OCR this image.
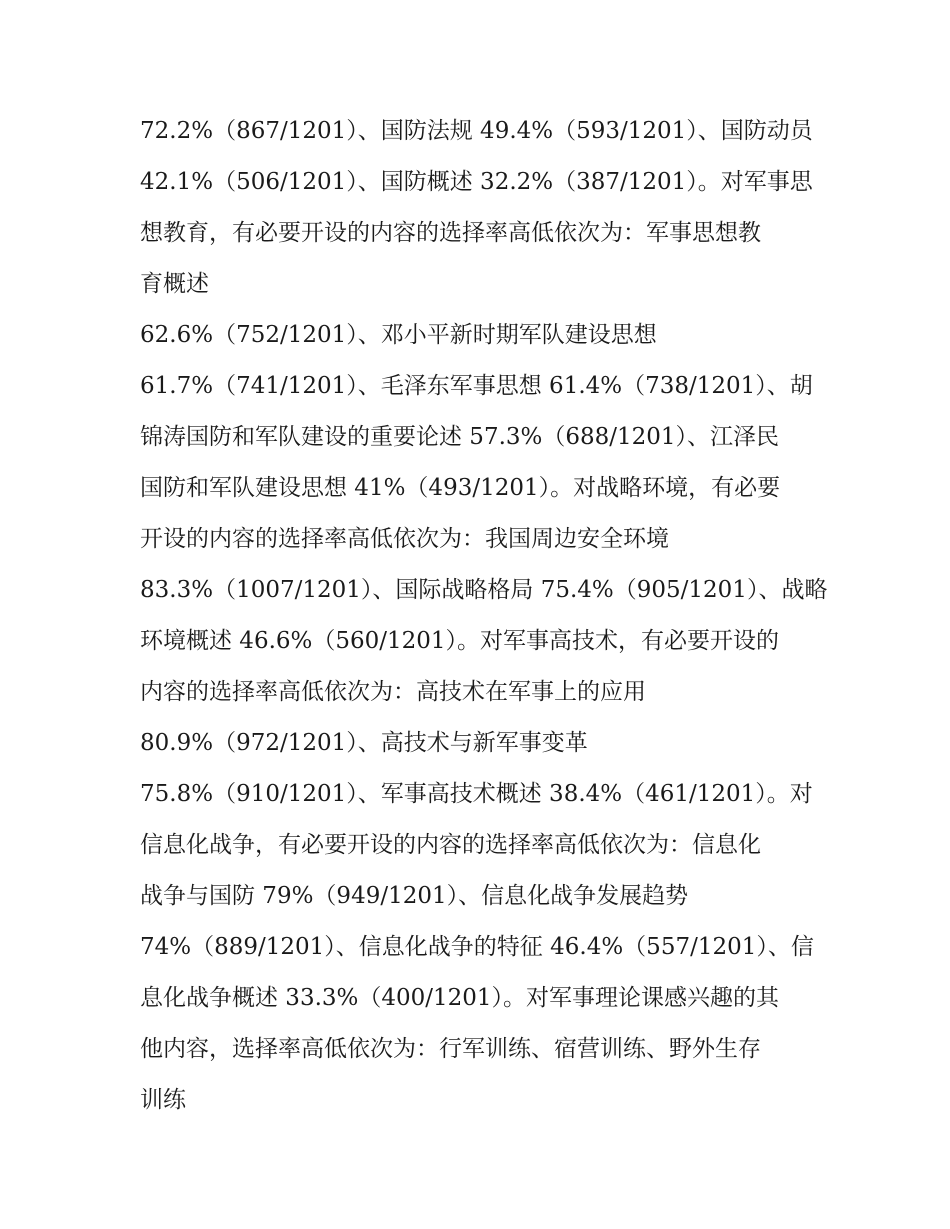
72.2%（867/1201）、国防法规 49.4%（593/1201）、国防动员
42.1%（506/1201）、国防概述 32.2%（387/1201）。对军事思
想教育，有必要开设的内容的选择率高低依次为：军事思想教
育概述
62.6%（752/1201）、邓小平新时期军队建设思想
61.7%（741/1201）、毛泽东军事思想 61.4%（738/1201）、胡
锦涛国防和军队建设的重要论述 57.3%（688/1201）、江泽民
国防和军队建设思想 41%（493/1201）。对战略环境，有必要
开设的内容的选择率高低依次为：我国周边安全环境
83.3%（1007/1201）、国际战略格局 75.4%（905/1201）、战略
环境概述 46.6%（560/1201）。对军事高技术，有必要开设的
内容的选择率高低依次为：高技术在军事上的应用
80.9%（972/1201）、高技术与新军事变革
75.8%（910/1201）、军事高技术概述 38.4%（461/1201）。对
信息化战争，有必要开设的内容的选择率高低依次为：信息化
战争与国防 79%（949/1201）、信息化战争发展趋势
74%（889/1201）、信息化战争的特征 46.4%（557/1201）、信
息化战争概述 33.3%（400/1201）。对军事理论课感兴趣的其
他内容，选择率高低依次为：行军训练、宿营训练、野外生存
训练
